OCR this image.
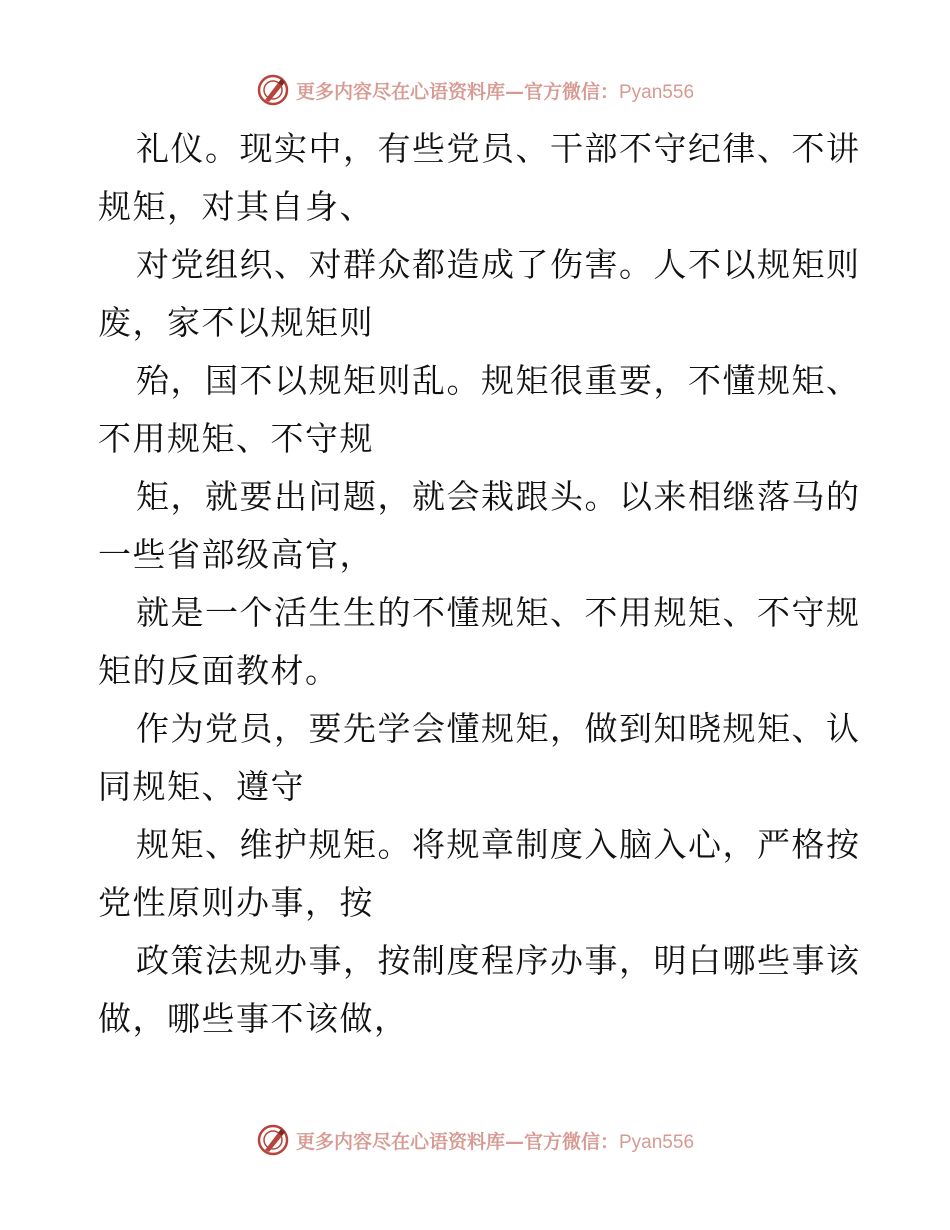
更多内容尽在心语资料库—官方微信：Pyan556

礼仪。现实中，有些党员、干部不守纪律、不讲
规矩，对其自身、

对党组织、对群众都造成了伤害。人不以规矩则
废，家不以规矩则

殆，国不以规矩则乱。规矩很重要，不懂规矩、
不用规矩、不守规

矩，就要出问题，就会栽跟头。以来相继落马的
一些省部级高官，

就是一个活生生的不懂规矩、不用规矩、不守规
矩的反面教材。

作为党员，要先学会懂规矩，做到知晓规矩、认
同规矩、遵守

规矩、维护规矩。将规章制度入脑入心，严格按
党性原则办事，按

政策法规办事，按制度程序办事，明白哪些事该
做，哪些事不该做，

更多内容尽在心语资料库—官方微信：Pyan556
